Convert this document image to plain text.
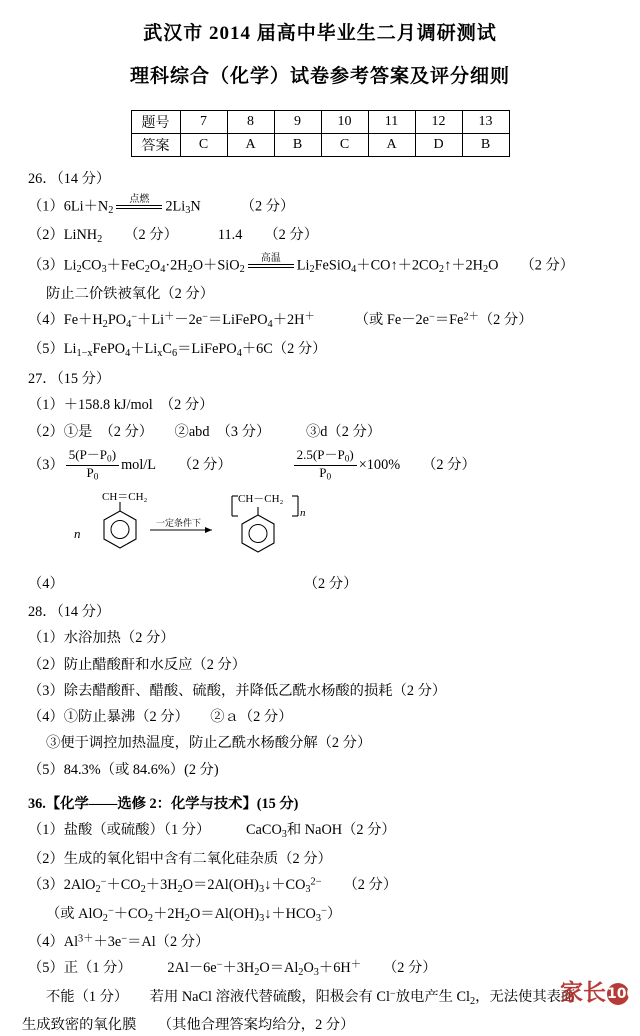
武汉市 2014 届高中毕业生二月调研测试
理科综合（化学）试卷参考答案及评分细则
题号	7	8	9	10	11	12	13
答案	C	A	B	C	A	D	B
26．（14 分）
$(1)6Li+N_2$
点燃	$2Li_3N$	（2 分）
（2）LiNH$_2$ （2 分）	11.4 （2 分）
$(3)Li_2CO_3+FeC_2O_4\cdot 2H_2O+SiO_2$
高温	$Li_2FeSiO_4+CO↑+2CO_2↑+2H_2O$ （2 分）
防止二价铁被氧化（2 分）
$(4)Fe+H_2PO_4^-+Li^+-2e^-=LiFePO_4+2H^+$	（或 $Fe-2e^-=Fe^{2+}(2$ 分）
$(5)Li_{1-x}FePO_4+Li_xC_6=LiFePO_4+6C(2$ 分）
27．（15 分）
（1）＋158.8 kJ/mol　（2 分）
（2）①是　（2 分）　　②abd　（3 分）　　　③d（2 分）
$(3) \frac{5(P-P_0)}{P_0} mol/L$ （2 分）	$\frac{2.5(P-P_0)}{P_0} \times 100\%$ （2 分）
n
CH＝CH₂
一定条件下
CH－CH₂
n
（4）	（2 分）
28．（14 分）
（1）水浴加热（2 分）
（2）防止醋酸酐和水反应（2 分）
（3）除去醋酸酐、醋酸、硫酸，并降低乙酰水杨酸的损耗（2 分）
（4）①防止暴沸（2 分）　　②ａ（2 分）
③便于调控加热温度，防止乙酰水杨酸分解（2 分）
（5）84.3%（或 84.6%）(2 分)
36.【化学——选修 2：化学与技术】(15 分)
（1）盐酸（或硫酸）（1 分）　　　CaCO$_3$和 NaOH（2 分）
（2）生成的氧化铝中含有二氧化硅杂质（2 分）
$(3)2AlO_2^-+CO_2+3H_2O=2Al(OH)_3↓+CO_3^{2-}$ （2 分）
（或 $AlO_2^-+CO_2+2H_2O=Al(OH)_3↓+HCO_3^-$）
$(4)Al^{3+}+3e^-=Al(2$ 分）
（5）正（1 分）　　　$2Al-6e^-+3H_2O=Al_2O_3+6H^+$ （2 分）
不能（1 分）　　若用 NaCl 溶液代替硫酸，阳极会有 Cl−放电产生 $Cl_2$，无法使其表面
生成致密的氧化膜　　（其他合理答案均给分，2 分）
家长100
